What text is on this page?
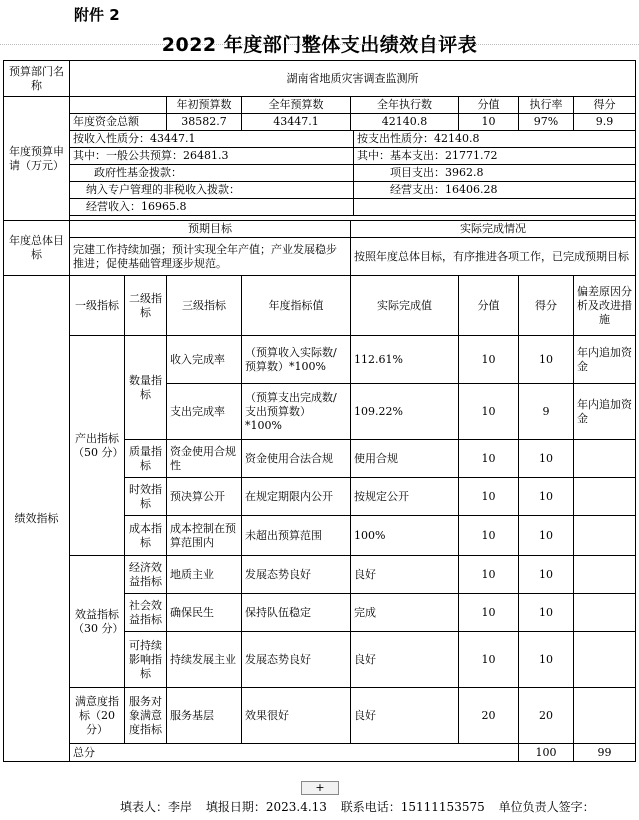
附件 2
2022 年度部门整体支出绩效自评表
预算部门名称	湖南省地质灾害调查监测所									
年度预算申请（万元）			年初预算数	全年预算数	全年执行数		分值	执行率	得分	
	年度资金总额		38582.7	43447.1	42140.8		10	97%	9.9	
	按收入性质分：43447.1					按支出性质分：42140.8				
	其中：一般公共预算：26481.3					其中：基本支出：21771.72				
	政府性基金拨款：					项目支出：3962.8				
	纳入专户管理的非税收入拨款：					经营支出：16406.28				
	经营收入：16965.8									

年度总体目标	预期目标				实际完成情况					
	完建工作持续加强；预计实现全年产值；产业发展稳步推进；促使基础管理逐步规范。				按照年度总体目标，有序推进各项工作，已完成预期目标					
绩效指标	一级指标	二级指标	三级指标	年度指标值	实际完成值		分值	得分	偏差原因分析及改进措施	
	产出指标（50 分）	数量指标	收入完成率	（预算收入实际数/预算数）*100%	112.61%		10	10	年内追加资金	
			支出完成率	（预算支出完成数/支出预算数）*100%	109.22%		10	9	年内追加资金	
		质量指标	资金使用合规性	资金使用合法合规	使用合规		10	10		
		时效指标	预决算公开	在规定期限内公开	按规定公开		10	10		
		成本指标	成本控制在预算范围内	未超出预算范围	100%		10	10		
	效益指标（30 分）	经济效益指标	地质主业	发展态势良好	良好		10	10		
		社会效益指标	确保民生	保持队伍稳定	完成		10	10		
		可持续影响指标	持续发展主业	发展态势良好	良好		10	10		
	满意度指标（20 分）	服务对象满意度指标	服务基层	效果很好	良好		20	20		
	总分							100	99	
+
填表人：李岸 填报日期：2023.4.13 联系电话：15111153575 单位负责人签字：
